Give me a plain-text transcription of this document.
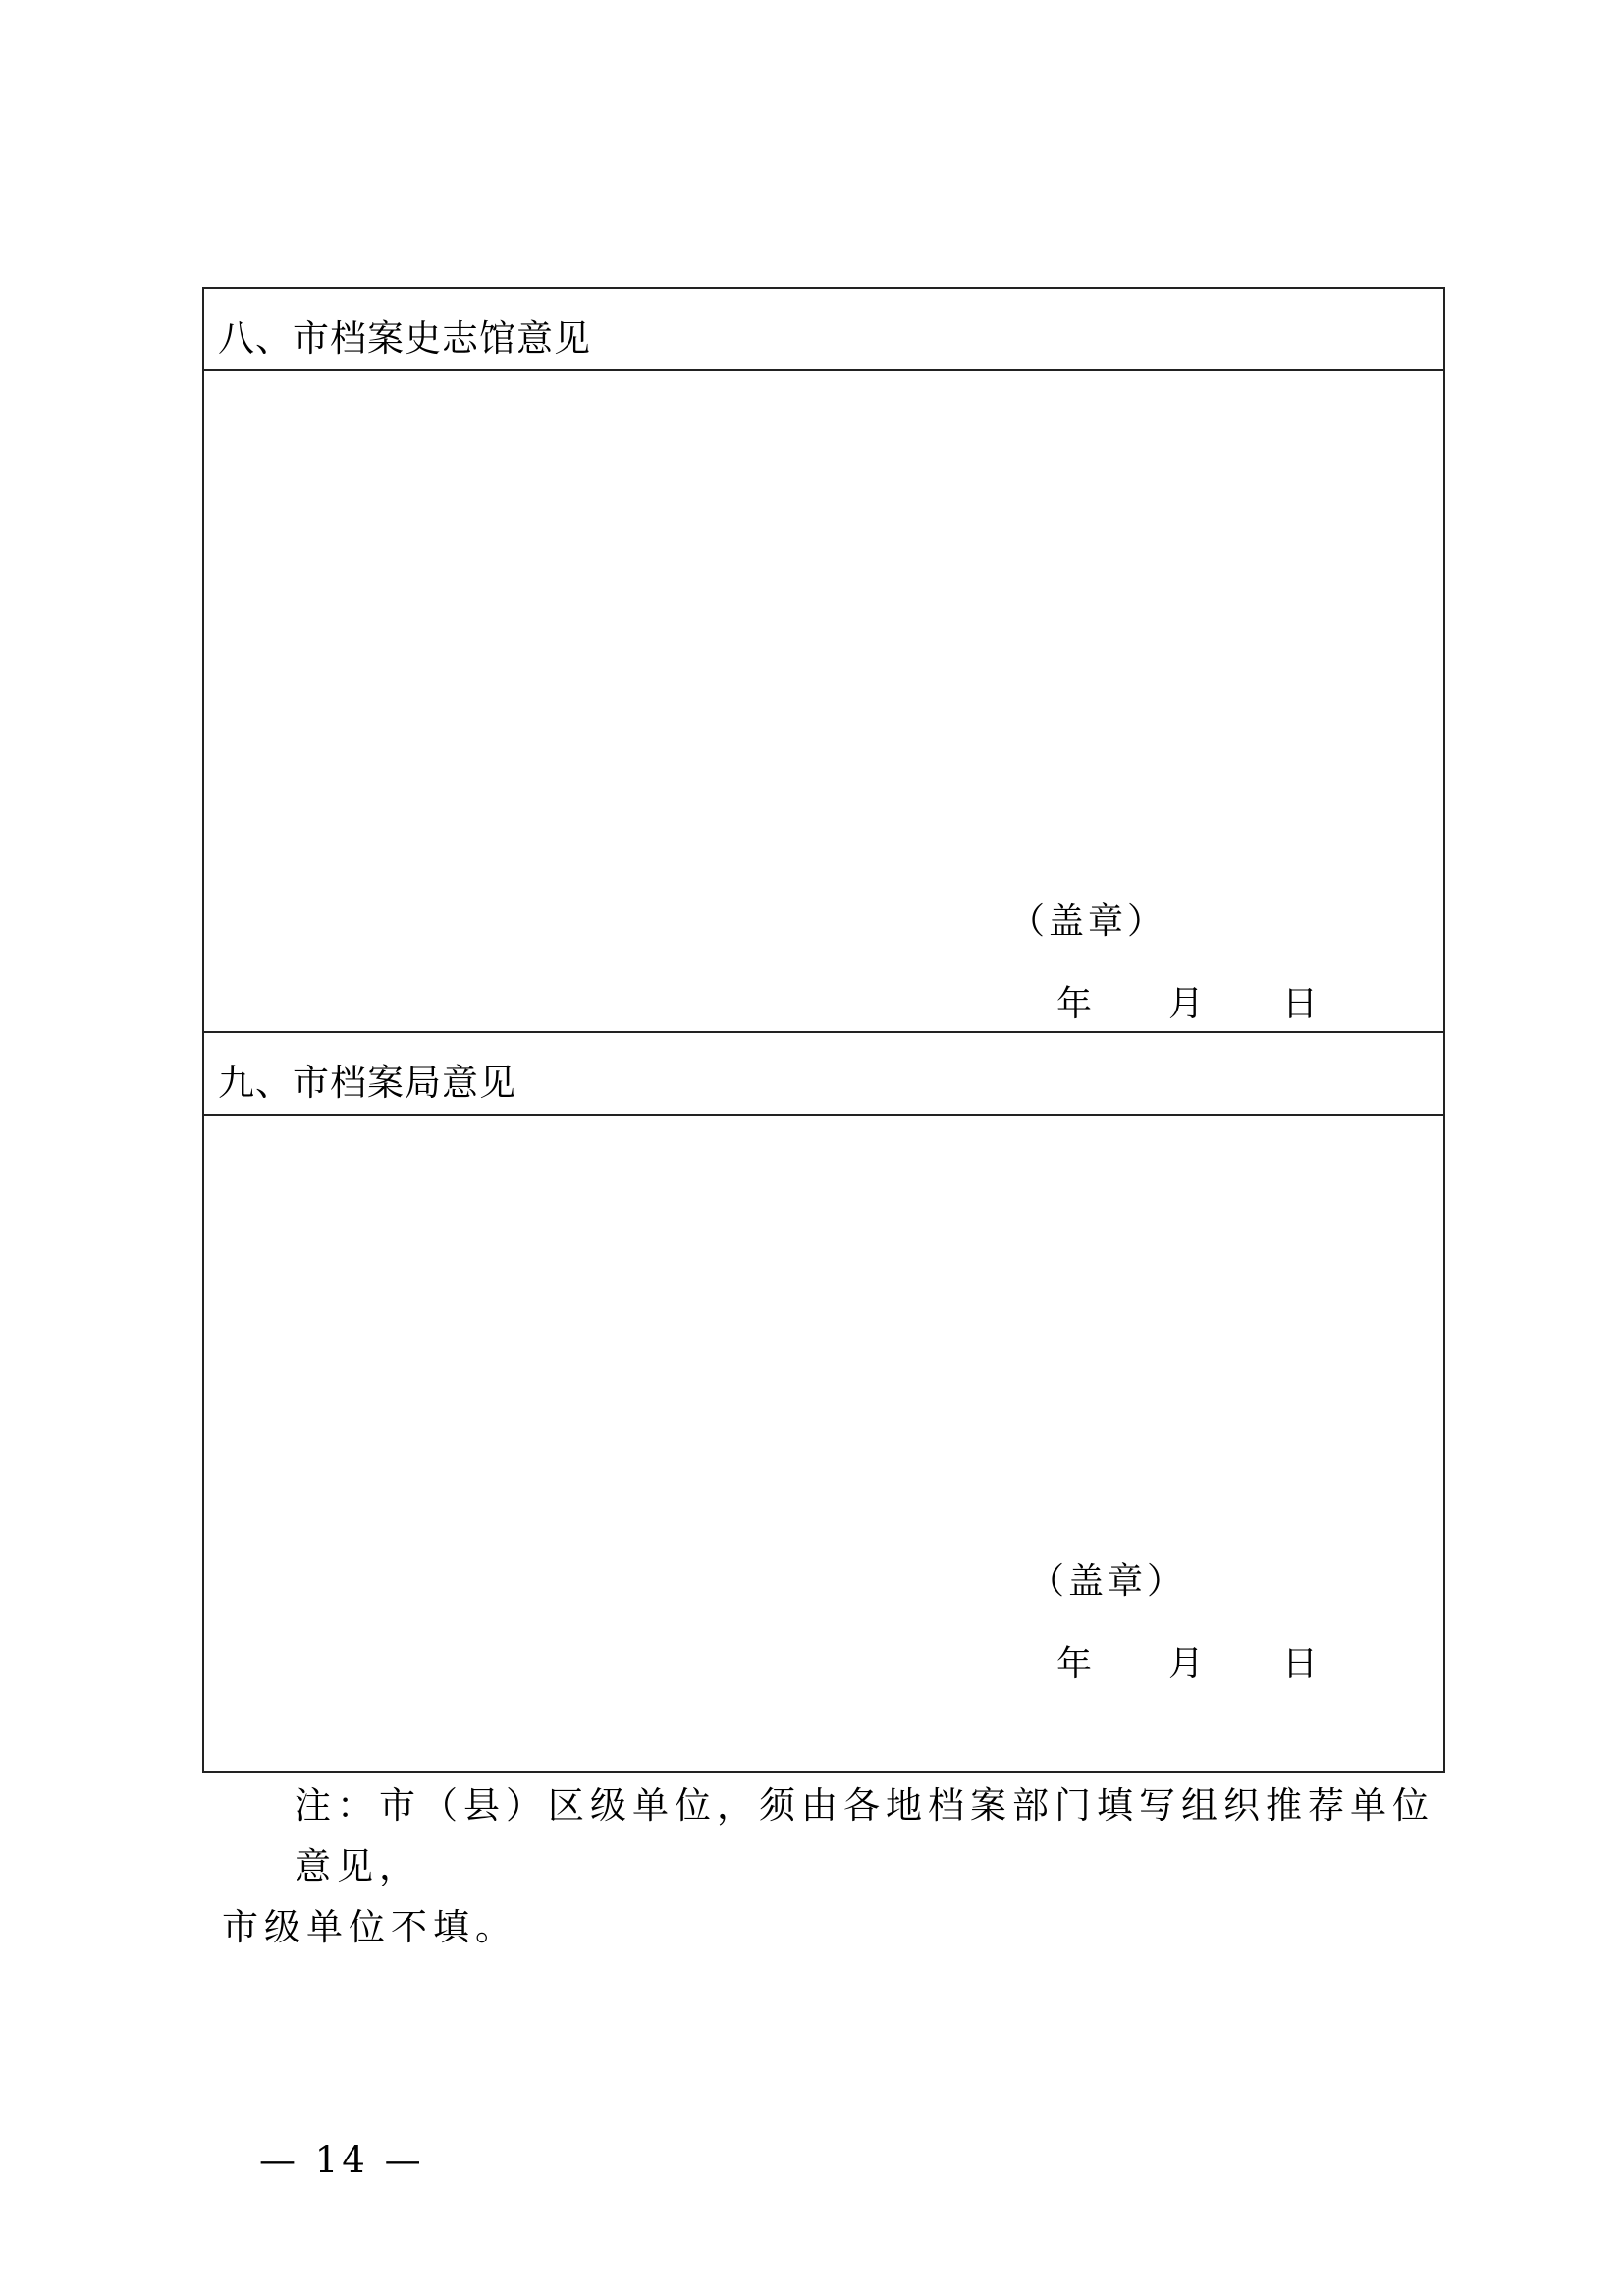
八、市档案史志馆意见
（盖章）
年 月 日
九、市档案局意见
（盖章）
年 月 日
注：市（县）区级单位，须由各地档案部门填写组织推荐单位意见，
市级单位不填。
— 14 —
